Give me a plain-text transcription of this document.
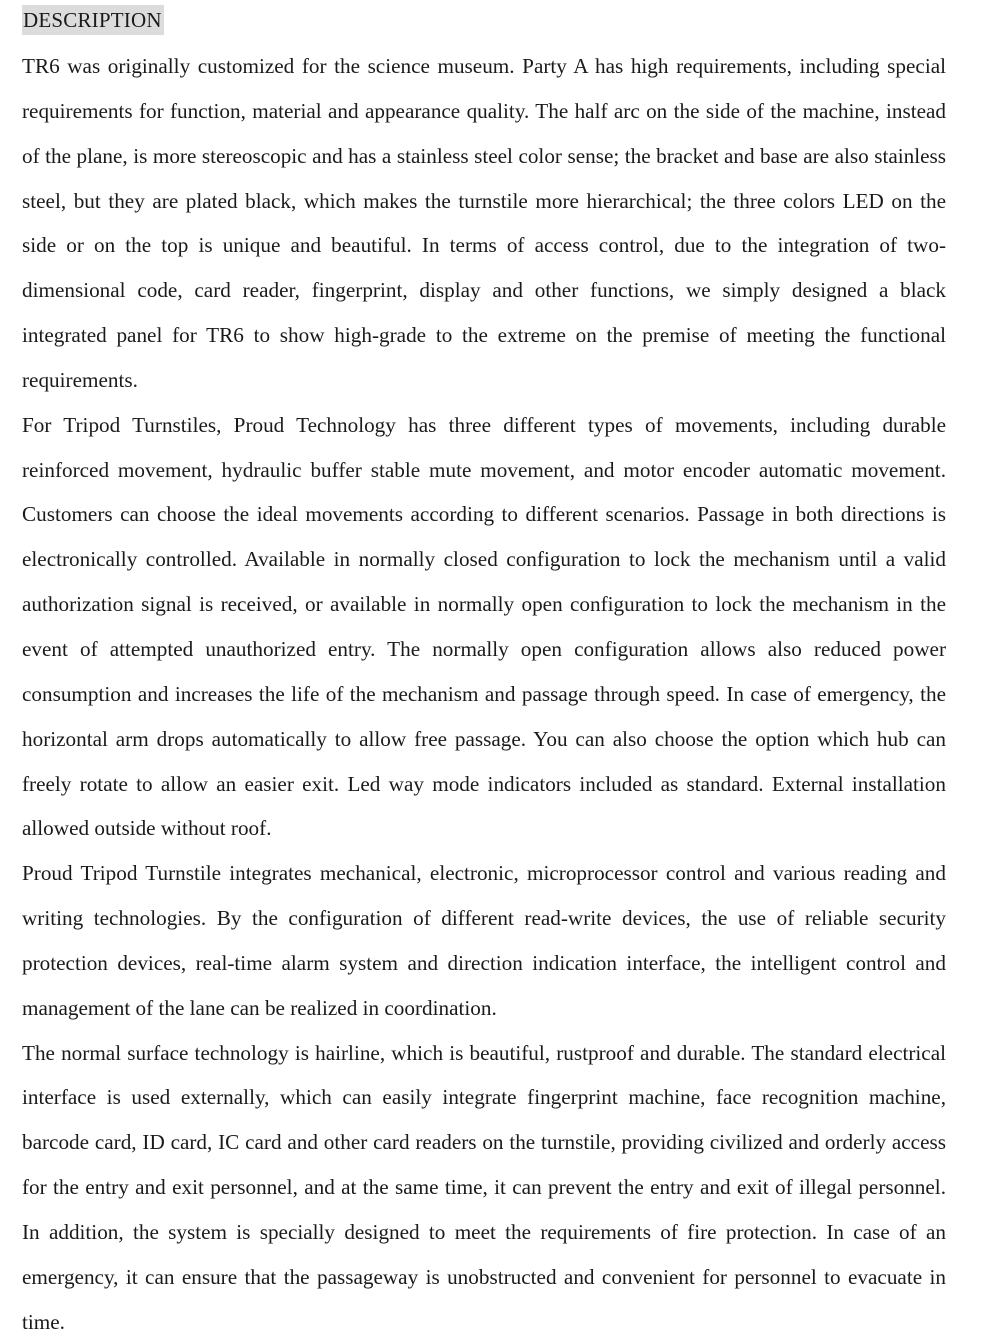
DESCRIPTION

TR6 was originally customized for the science museum. Party A has high requirements, including special requirements for function, material and appearance quality. The half arc on the side of the machine, instead of the plane, is more stereoscopic and has a stainless steel color sense; the bracket and base are also stainless steel, but they are plated black, which makes the turnstile more hierarchical; the three colors LED on the side or on the top is unique and beautiful. In terms of access control, due to the integration of two-dimensional code, card reader, fingerprint, display and other functions, we simply designed a black integrated panel for TR6 to show high-grade to the extreme on the premise of meeting the functional requirements.

For Tripod Turnstiles, Proud Technology has three different types of movements, including durable reinforced movement, hydraulic buffer stable mute movement, and motor encoder automatic movement. Customers can choose the ideal movements according to different scenarios. Passage in both directions is electronically controlled. Available in normally closed configuration to lock the mechanism until a valid authorization signal is received, or available in normally open configuration to lock the mechanism in the event of attempted unauthorized entry. The normally open configuration allows also reduced power consumption and increases the life of the mechanism and passage through speed. In case of emergency, the horizontal arm drops automatically to allow free passage. You can also choose the option which hub can freely rotate to allow an easier exit. Led way mode indicators included as standard. External installation allowed outside without roof.

Proud Tripod Turnstile integrates mechanical, electronic, microprocessor control and various reading and writing technologies. By the configuration of different read-write devices, the use of reliable security protection devices, real-time alarm system and direction indication interface, the intelligent control and management of the lane can be realized in coordination.

The normal surface technology is hairline, which is beautiful, rustproof and durable. The standard electrical interface is used externally, which can easily integrate fingerprint machine, face recognition machine, barcode card, ID card, IC card and other card readers on the turnstile, providing civilized and orderly access for the entry and exit personnel, and at the same time, it can prevent the entry and exit of illegal personnel. In addition, the system is specially designed to meet the requirements of fire protection. In case of an emergency, it can ensure that the passageway is unobstructed and convenient for personnel to evacuate in time.
